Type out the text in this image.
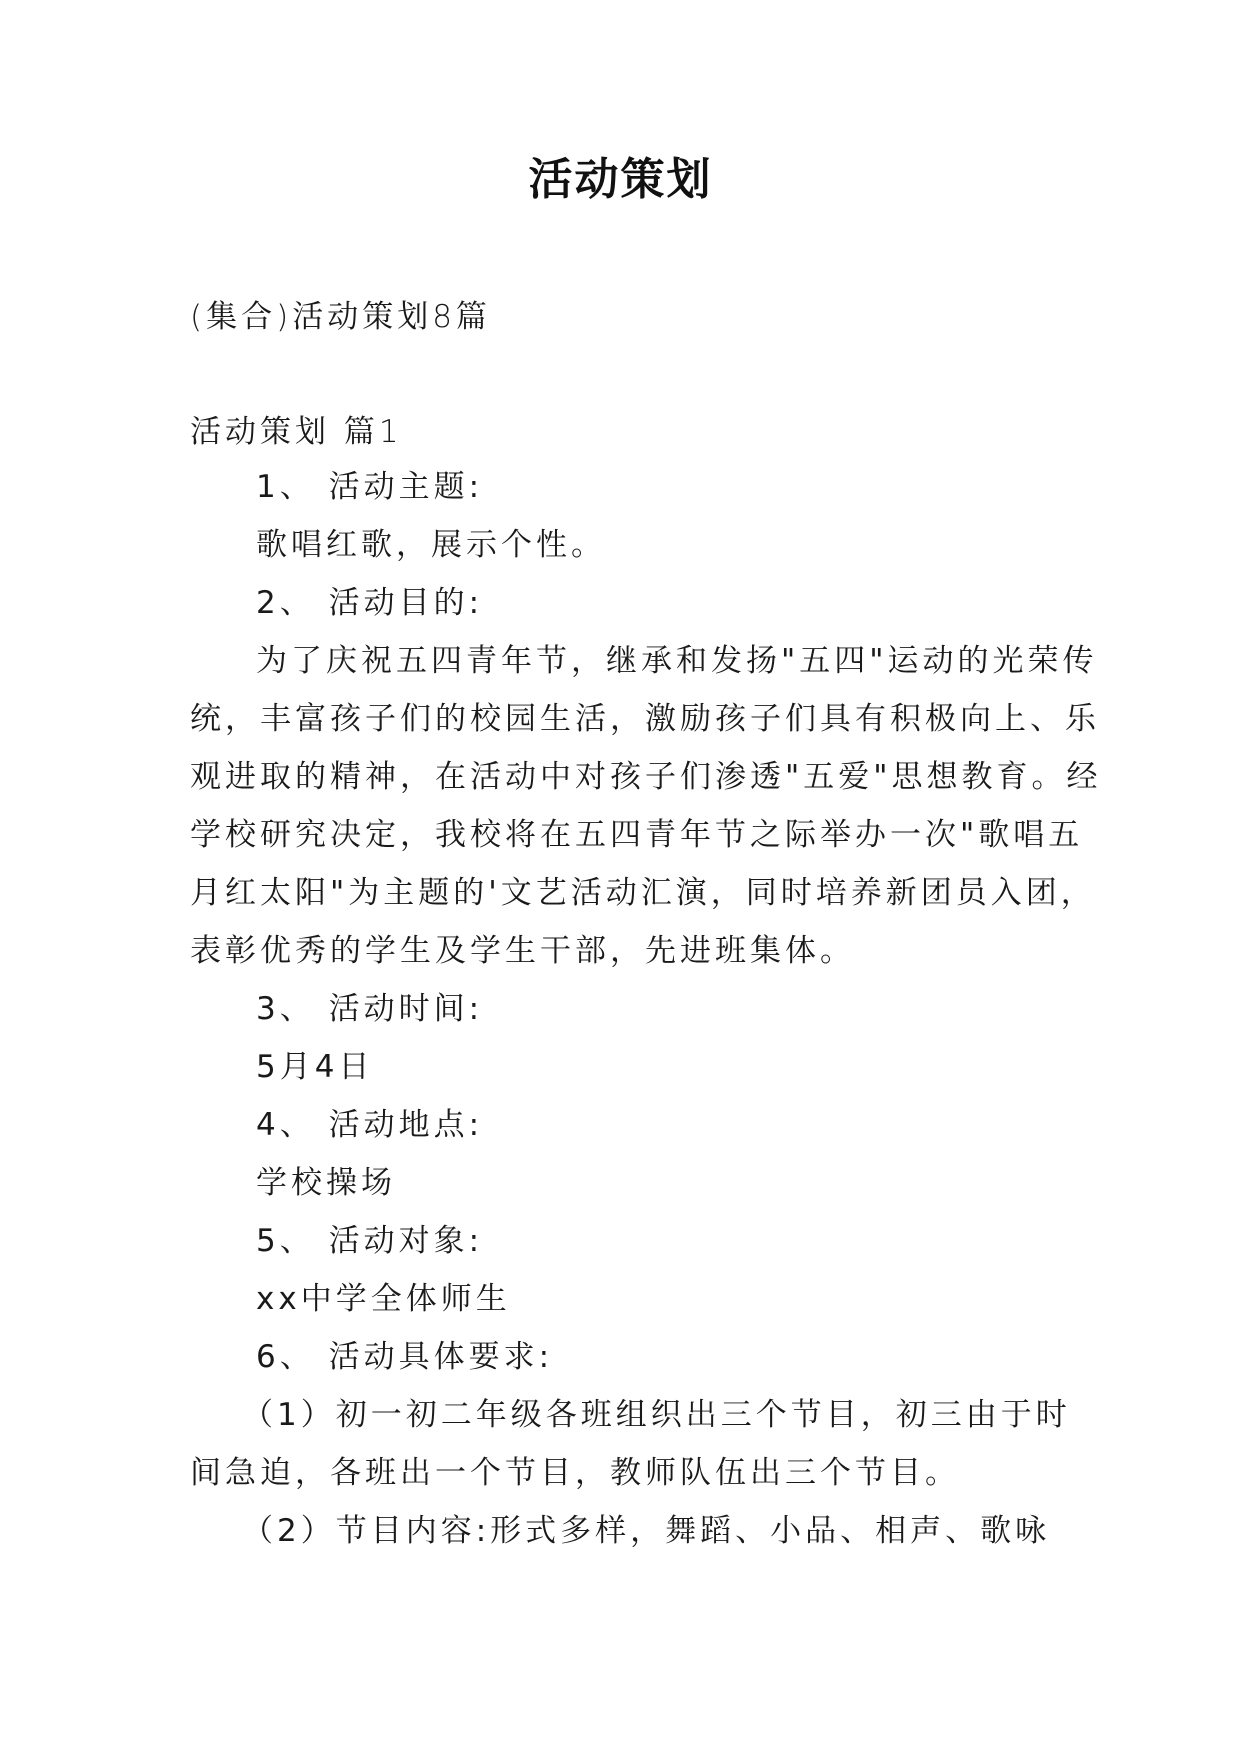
活动策划
(集合)活动策划8篇
活动策划 篇1
1、 活动主题:
歌唱红歌，展示个性。
2、 活动目的:
为了庆祝五四青年节，继承和发扬"五四"运动的光荣传
统，丰富孩子们的校园生活，激励孩子们具有积极向上、乐
观进取的精神，在活动中对孩子们渗透"五爱"思想教育。经
学校研究决定，我校将在五四青年节之际举办一次"歌唱五
月红太阳"为主题的'文艺活动汇演，同时培养新团员入团，
表彰优秀的学生及学生干部，先进班集体。
3、 活动时间:
5月4日
4、 活动地点:
学校操场
5、 活动对象:
xx中学全体师生
6、 活动具体要求:
（1）初一初二年级各班组织出三个节目，初三由于时
间急迫，各班出一个节目，教师队伍出三个节目。
（2）节目内容:形式多样，舞蹈、小品、相声、歌咏
